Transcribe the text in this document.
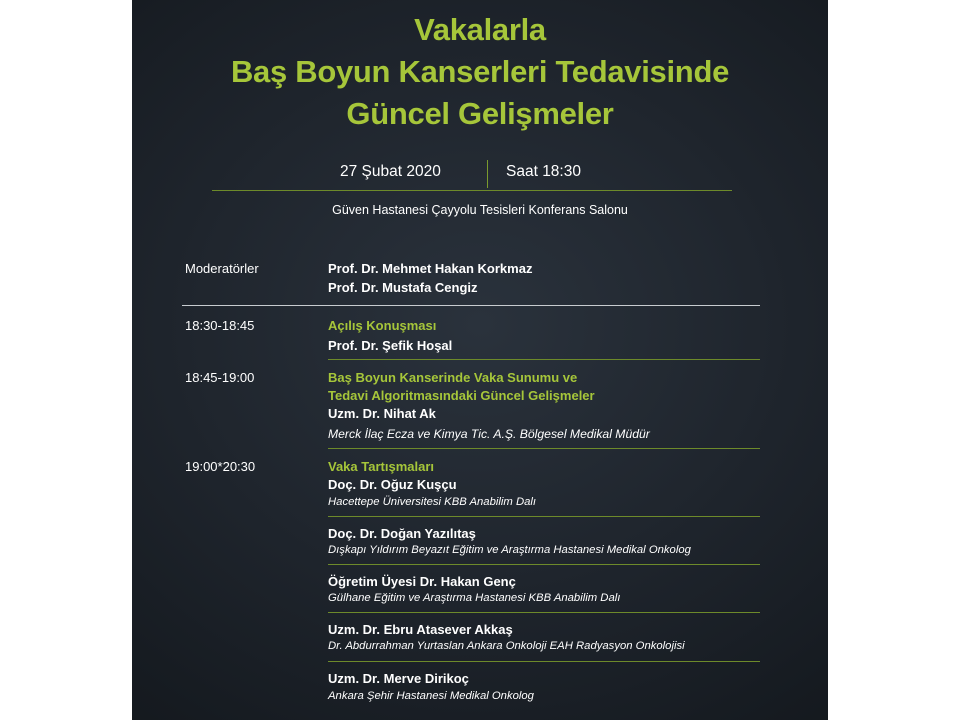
Vakalarla
Baş Boyun Kanserleri Tedavisinde
Güncel Gelişmeler
27 Şubat 2020	Saat 18:30
Güven Hastanesi Çayyolu Tesisleri Konferans Salonu
Moderatörler	Prof. Dr. Mehmet Hakan Korkmaz
Prof. Dr. Mustafa Cengiz
18:30-18:45	Açılış Konuşması
Prof. Dr. Şefik Hoşal
18:45-19:00	Baş Boyun Kanserinde Vaka Sunumu ve
Tedavi Algoritmasındaki Güncel Gelişmeler
Uzm. Dr. Nihat Ak
Merck İlaç Ecza ve Kimya Tic. A.Ş. Bölgesel Medikal Müdür
19:00*20:30	Vaka Tartışmaları
Doç. Dr. Oğuz Kuşçu
Hacettepe Üniversitesi KBB Anabilim Dalı
Doç. Dr. Doğan Yazılıtaş
Dışkapı Yıldırım Beyazıt Eğitim ve Araştırma Hastanesi Medikal Onkolog
Öğretim Üyesi Dr. Hakan Genç
Gülhane Eğitim ve Araştırma Hastanesi KBB Anabilim Dalı
Uzm. Dr. Ebru Atasever Akkaş
Dr. Abdurrahman Yurtaslan Ankara Onkoloji EAH Radyasyon Onkolojisi
Uzm. Dr. Merve Dirikoç
Ankara Şehir Hastanesi Medikal Onkolog
